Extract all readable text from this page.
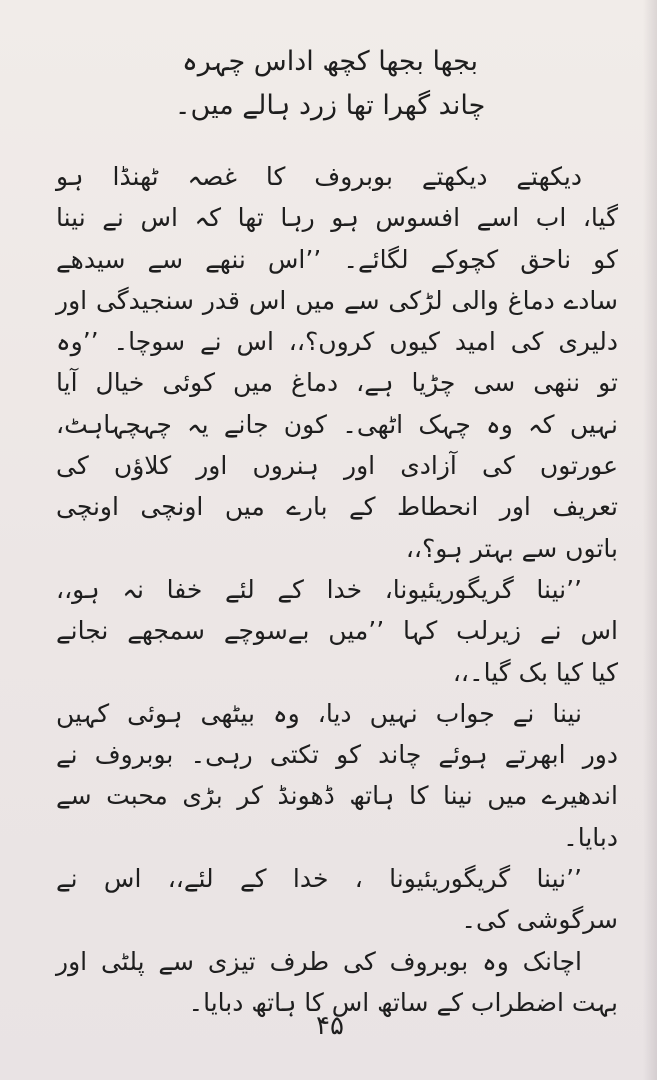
بجھا بجھا کچھ اداس چہرہ
چاند گھرا تھا زرد ہالے میں۔
دیکھتے دیکھتے بوبروف کا غصہ ٹھنڈا ہو
گیا، اب اسے افسوس ہو رہا تھا کہ اس نے نینا
کو ناحق کچوکے لگائے۔ ’’اس ننھے سے سیدھے
سادے دماغ والی لڑکی سے میں اس قدر سنجیدگی اور
دلیری کی امید کیوں کروں؟،، اس نے سوچا۔ ’’وہ
تو ننھی سی چڑیا ہے، دماغ میں کوئی خیال آیا
نہیں کہ وہ چہک اٹھی۔ کون جانے یہ چہچہاہٹ،
عورتوں کی آزادی اور ہنروں اور کلاؤں کی
تعریف اور انحطاط کے بارے میں اونچی اونچی
باتوں سے بہتر ہو؟،،
’’نینا گریگوریئیونا، خدا کے لئے خفا نہ ہو،،
اس نے زیرلب کہا ’’میں بےسوچے سمجھے نجانے
کیا کیا بک گیا۔،،
نینا نے جواب نہیں دیا، وہ بیٹھی ہوئی کہیں
دور ابھرتے ہوئے چاند کو تکتی رہی۔ بوبروف نے
اندھیرے میں نینا کا ہاتھ ڈھونڈ کر بڑی محبت سے
دبایا۔
’’نینا گریگوریئیونا ، خدا کے لئے،، اس نے
سرگوشی کی۔
اچانک وہ بوبروف کی طرف تیزی سے پلٹی اور
بہت اضطراب کے ساتھ اس کا ہاتھ دبایا۔
۴۵
